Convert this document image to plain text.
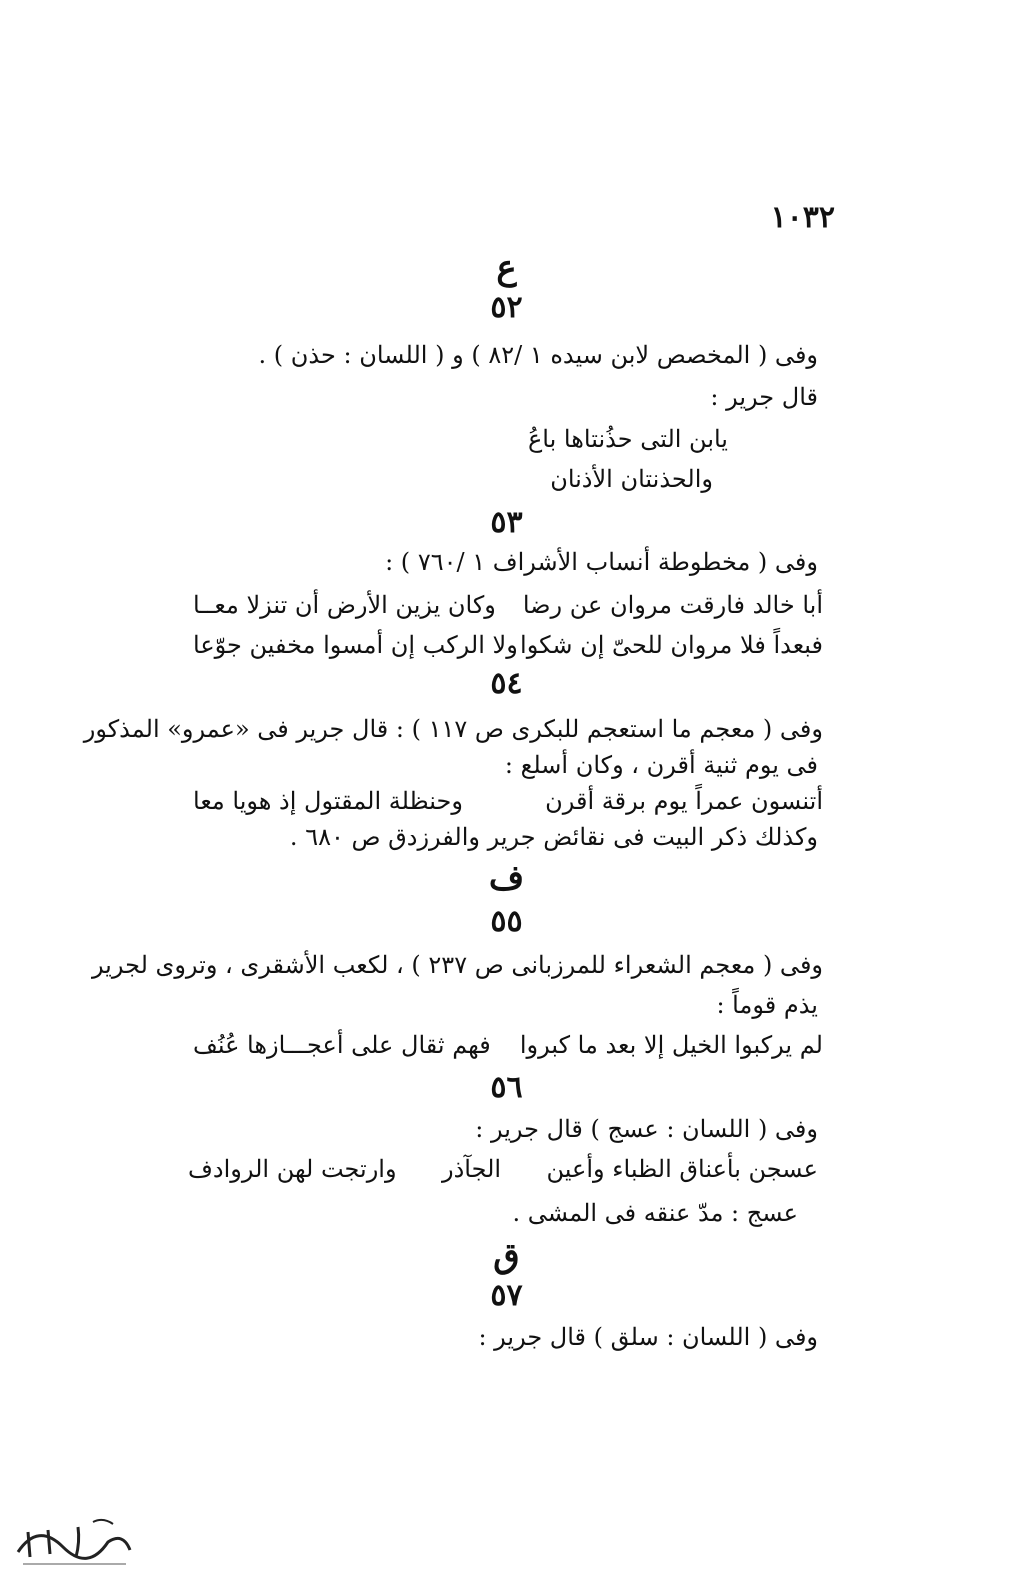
١٠٣٢
ع
٥٢
وفى ( المخصص لابن سيده ١ /٨٢ ) و ( اللسان : حذن ) .
قال جرير :
يابن التى حذُنتاها باعُ
والحذنتان الأذنان
٥٣
وفى ( مخطوطة أنساب الأشراف ١ /٧٦٠ ) :
أبا خالد فارقت مروان عن رضا
وكان يزين الأرض أن تنزلا معــا
فبعداً فلا مروان للحىّ إن شكوا
ولا الركب إن أمسوا مخفين جوّعا
٥٤
وفى ( معجم ما استعجم للبكرى ص ١١٧ ) : قال جرير فى «عمرو» المذكور
فى يوم ثنية أقرن ، وكان أسلع :
أتنسون عمراً يوم برقة أقرن
وحنظلة المقتول إذ هويا معا
وكذلك ذكر البيت فى نقائض جرير والفرزدق ص ٦٨٠ .
ف
٥٥
وفى ( معجم الشعراء للمرزبانى ص ٢٣٧ ) ، لكعب الأشقرى ، وتروى لجرير
يذم قوماً :
لم يركبوا الخيل إلا بعد ما كبروا
فهم ثقال على أعجـــازها عُنُف
٥٦
وفى ( اللسان : عسج ) قال جرير :
عسجن بأعناق الظباء وأعين
الجآذر
وارتجت لهن الروادف
عسج : مدّ عنقه فى المشى .
ق
٥٧
وفى ( اللسان : سلق ) قال جرير :
